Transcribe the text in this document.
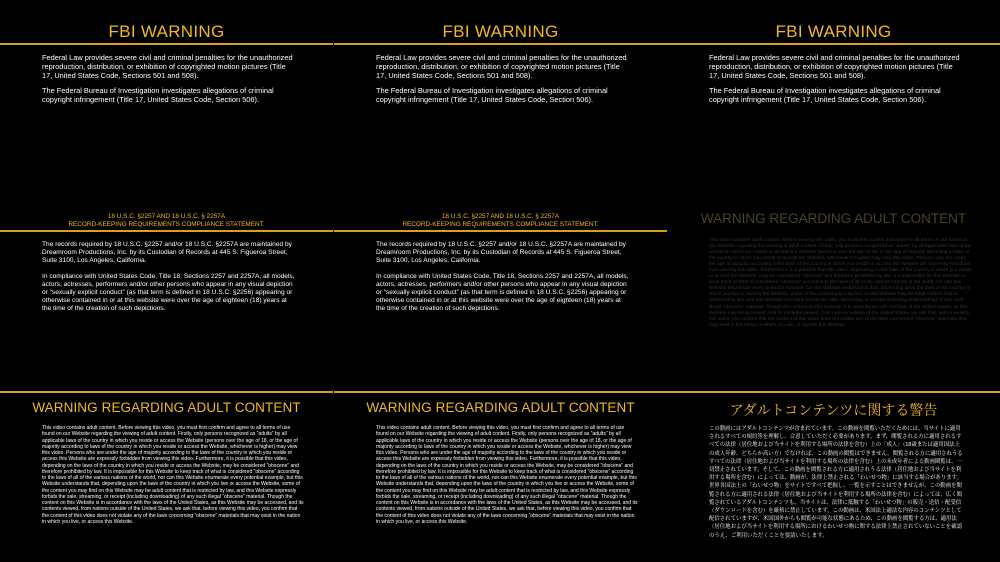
FBI WARNING
Federal Law provides severe civil and criminal penalties for the unauthorized reproduction, distribution, or exhibition of copyrighted motion pictures (Title 17, United States Code, Sections 501 and 508).
The Federal Bureau of Investigation investigates allegations of criminal copyright infringement (Title 17, United States Code, Section 506).
18 U.S.C. §2257 AND 18 U.S.C. § 2257A
RECORD-KEEPING REQUIREMENTS COMPLIANCE STATEMENT.
The records required by 18 U.S.C. §2257 and/or 18 U.S.C. §2257A are maintained by Dreamroom Productions, Inc. by its Custodian of Records at 445 S. Figueroa Street, Suite 3100, Los Angeles, California.
In compliance with United States Code, Title 18, Sections 2257 and 2257A, all models, actors, actresses, performers and/or other persons who appear in any visual depiction or “sexually explicit conduct” (as that term is defined in 18 U.S.C. §2256) appearing or otherwise contained in or at this website were over the age of eighteen (18) years at the time of the creation of such depictions.
WARNING REGARDING ADULT CONTENT
This video contains adult content. Before viewing this video, you must first confirm and agree to all terms of use found on our Website regarding the viewing of adult content. Firstly, only persons recognized as “adults” by all applicable laws of the country in which you reside or access the Website (persons over the age of 18, or the age of majority according to laws of the country in which you reside or access the Website, whichever is higher) may view this video. Persons who are under the age of majority according to the laws of the country in which you reside or access this Website are expressly forbidden from viewing this video. Furthermore, it is possible that this video, depending on the laws of the country in which you reside or access the Website, may be considered “obscene” and therefore prohibited by law. It is impossible for this Website to keep track of what is considered “obscene” according to the laws of all of the various nations of the world, nor can this Website enumerate every potential example, but this Website understands that, depending upon the laws of the country in which you live or access the Website, some of the content you may find on this Website may be adult content that is restricted by law, and this Website expressly forbids the sale, streaming, or receipt (including downloading) of any such illegal “obscene” material. Though the content on this Website is in accordance with the laws of the United States, as this Website may be accessed, and its contents viewed, from nations outside of the United States, we ask that, before viewing this video, you confirm that the content of this video does not violate any of the laws concerning “obscene” materials that may exist in the nation in which you live, or access this Website.
FBI WARNING
Federal Law provides severe civil and criminal penalties for the unauthorized reproduction, distribution, or exhibition of copyrighted motion pictures (Title 17, United States Code, Sections 501 and 508).
The Federal Bureau of Investigation investigates allegations of criminal copyright infringement (Title 17, United States Code, Section 506).
18 U.S.C. §2257 AND 18 U.S.C. § 2257A
RECORD-KEEPING REQUIREMENTS COMPLIANCE STATEMENT.
The records required by 18 U.S.C. §2257 and/or 18 U.S.C. §2257A are maintained by Dreamroom Productions, Inc. by its Custodian of Records at 445 S. Figueroa Street, Suite 3100, Los Angeles, California.
In compliance with United States Code, Title 18, Sections 2257 and 2257A, all models, actors, actresses, performers and/or other persons who appear in any visual depiction or “sexually explicit conduct” (as that term is defined in 18 U.S.C. §2256) appearing or otherwise contained in or at this website were over the age of eighteen (18) years at the time of the creation of such depictions.
WARNING REGARDING ADULT CONTENT
This video contains adult content. Before viewing this video, you must first confirm and agree to all terms of use found on our Website regarding the viewing of adult content. Firstly, only persons recognized as “adults” by all applicable laws of the country in which you reside or access the Website (persons over the age of 18, or the age of majority according to laws of the country in which you reside or access the Website, whichever is higher) may view this video. Persons who are under the age of majority according to the laws of the country in which you reside or access this Website are expressly forbidden from viewing this video. Furthermore, it is possible that this video, depending on the laws of the country in which you reside or access the Website, may be considered “obscene” and therefore prohibited by law. It is impossible for this Website to keep track of what is considered “obscene” according to the laws of all of the various nations of the world, nor can this Website enumerate every potential example, but this Website understands that, depending upon the laws of the country in which you live or access the Website, some of the content you may find on this Website may be adult content that is restricted by law, and this Website expressly forbids the sale, streaming, or receipt (including downloading) of any such illegal “obscene” material. Though the content on this Website is in accordance with the laws of the United States, as this Website may be accessed, and its contents viewed, from nations outside of the United States, we ask that, before viewing this video, you confirm that the content of this video does not violate any of the laws concerning “obscene” materials that may exist in the nation in which you live, or access this Website.
FBI WARNING
Federal Law provides severe civil and criminal penalties for the unauthorized reproduction, distribution, or exhibition of copyrighted motion pictures (Title 17, United States Code, Sections 501 and 508).
The Federal Bureau of Investigation investigates allegations of criminal copyright infringement (Title 17, United States Code, Section 506).
WARNING REGARDING ADULT CONTENT
This video contains adult content. Before viewing this video, you must first confirm and agree to all terms of use found on our Website regarding the viewing of adult content. Firstly, only persons recognized as “adults” by all applicable laws of the country in which you reside or access the Website (persons over the age of 18, or the age of majority according to laws of the country in which you reside or access the Website, whichever is higher) may view this video. Persons who are under the age of majority according to the laws of the country in which you reside or access this Website are expressly forbidden from viewing this video. Furthermore, it is possible that this video, depending on the laws of the country in which you reside or access the Website, may be considered “obscene” and therefore prohibited by law. It is impossible for this Website to keep track of what is considered “obscene” according to the laws of all of the various nations of the world, nor can this Website enumerate every potential example, but this Website understands that, depending upon the laws of the country in which you live or access the Website, some of the content you may find on this Website may be adult content that is restricted by law, and this Website expressly forbids the sale, streaming, or receipt (including downloading) of any such illegal “obscene” material. Though the content on this Website is in accordance with the laws of the United States, as this Website may be accessed, and its contents viewed, from nations outside of the United States, we ask that, before viewing this video, you confirm that the content of this video does not violate any of the laws concerning “obscene” materials that may exist in the nation in which you live, or access this Website.
アダルトコンテンツに関する警告
この動画にはアダルトコンテンツが含まれています。この動画を閲覧いただくためには、当サイトに適用されるすべての規約等を理解し、合意していただく必要があります。まず、閲覧される方に適用されるすべての法律（居住地および当サイトを利用する場所の法律を含む）上の「成人」（18歳または適用国法上の成人年齢、どちらか高い方）でなければ、この動画の閲覧はできません。閲覧される方に適用されうるすべての法律（居住地および当サイトを利用する場所の法律を含む）上の未成年者による動画閲覧は、一切禁止されています。そして、この動画を閲覧される方に適用されうる法律（居住地および当サイトを利用する場所を含む）によっては、動画が、法律上禁止される「わいせつ物」に該当する場合があります。世界各国法上の「わいせつ物」をサイトですべて把握し、一覧を示すことはできませんが、この動画を閲覧される方に適用される法律（居住地および当サイトを利用する場所の法律を含む）によっては、広く閲覧されているアダルトコンテンツも、当サイトは、法律に抵触する「わいせつ物」の販売・送信・配受信（ダウンロードを含む）を厳格に禁止しています。この動画は、米国法上適法な内容のコンテンツとして配信されていますが、米国国外からも閲覧が可能な状態にあるため、この動画を閲覧する方は、適用法（居住地および当サイトを利用する場所におけるわいせつ物に関する法律上禁止されていないことを確認のうえ、ご利用いただくことを要請いたします。
